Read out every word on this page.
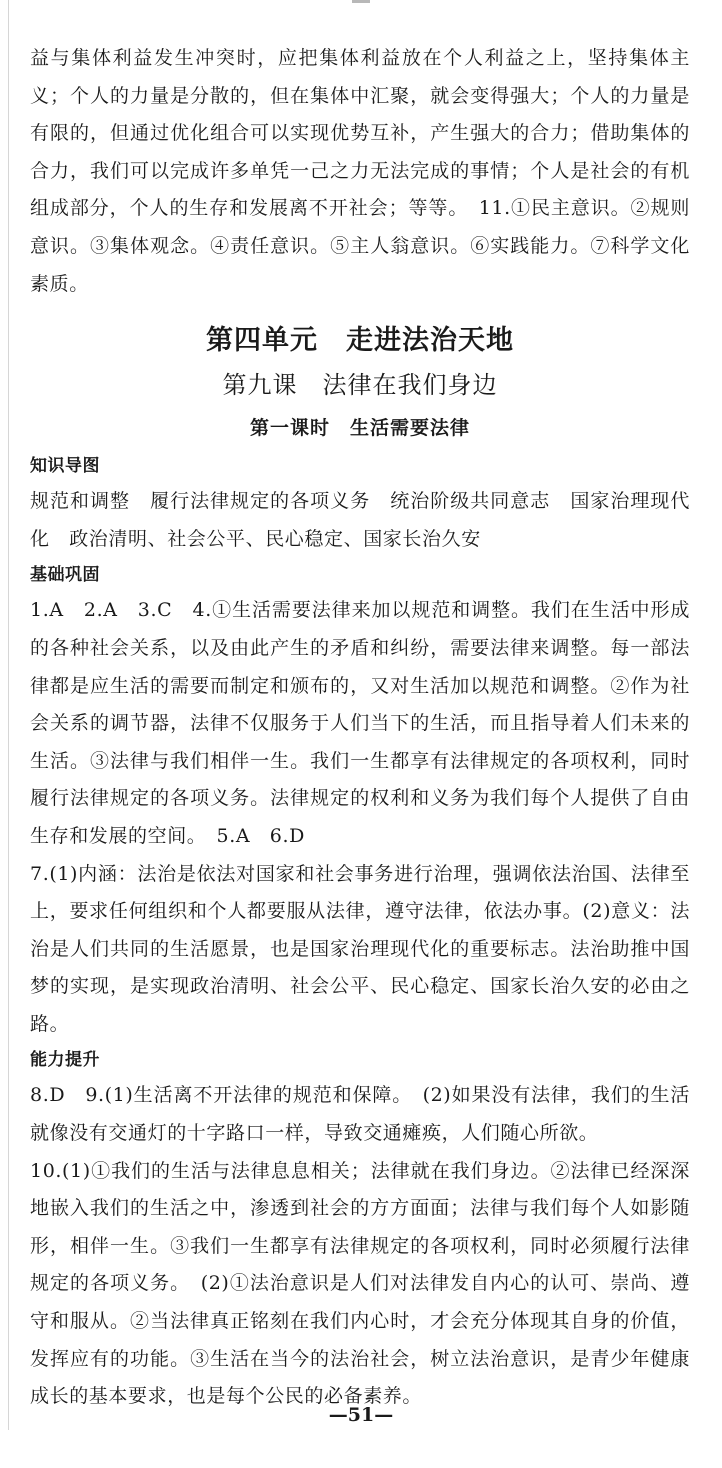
益与集体利益发生冲突时，应把集体利益放在个人利益之上，坚持集体主义；个人的力量是分散的，但在集体中汇聚，就会变得强大；个人的力量是有限的，但通过优化组合可以实现优势互补，产生强大的合力；借助集体的合力，我们可以完成许多单凭一己之力无法完成的事情；个人是社会的有机组成部分，个人的生存和发展离不开社会；等等。　11.①民主意识。②规则意识。③集体观念。④责任意识。⑤主人翁意识。⑥实践能力。⑦科学文化素质。

第四单元　走进法治天地
第九课　法律在我们身边
第一课时　生活需要法律
知识导图

规范和调整　履行法律规定的各项义务　统治阶级共同意志　国家治理现代化　政治清明、社会公平、民心稳定、国家长治久安

基础巩固

1.A　2.A　3.C　4.①生活需要法律来加以规范和调整。我们在生活中形成的各种社会关系，以及由此产生的矛盾和纠纷，需要法律来调整。每一部法律都是应生活的需要而制定和颁布的，又对生活加以规范和调整。②作为社会关系的调节器，法律不仅服务于人们当下的生活，而且指导着人们未来的生活。③法律与我们相伴一生。我们一生都享有法律规定的各项权利，同时履行法律规定的各项义务。法律规定的权利和义务为我们每个人提供了自由生存和发展的空间。　5.A　6.D

7.(1)内涵：法治是依法对国家和社会事务进行治理，强调依法治国、法律至上，要求任何组织和个人都要服从法律，遵守法律，依法办事。(2)意义：法治是人们共同的生活愿景，也是国家治理现代化的重要标志。法治助推中国梦的实现，是实现政治清明、社会公平、民心稳定、国家长治久安的必由之路。

能力提升

8.D　9.(1)生活离不开法律的规范和保障。　(2)如果没有法律，我们的生活就像没有交通灯的十字路口一样，导致交通瘫痪，人们随心所欲。

10.(1)①我们的生活与法律息息相关；法律就在我们身边。②法律已经深深地嵌入我们的生活之中，渗透到社会的方方面面；法律与我们每个人如影随形，相伴一生。③我们一生都享有法律规定的各项权利，同时必须履行法律规定的各项义务。　(2)①法治意识是人们对法律发自内心的认可、崇尚、遵守和服从。②当法律真正铭刻在我们内心时，才会充分体现其自身的价值，发挥应有的功能。③生活在当今的法治社会，树立法治意识，是青少年健康成长的基本要求，也是每个公民的必备素养。

—51—
